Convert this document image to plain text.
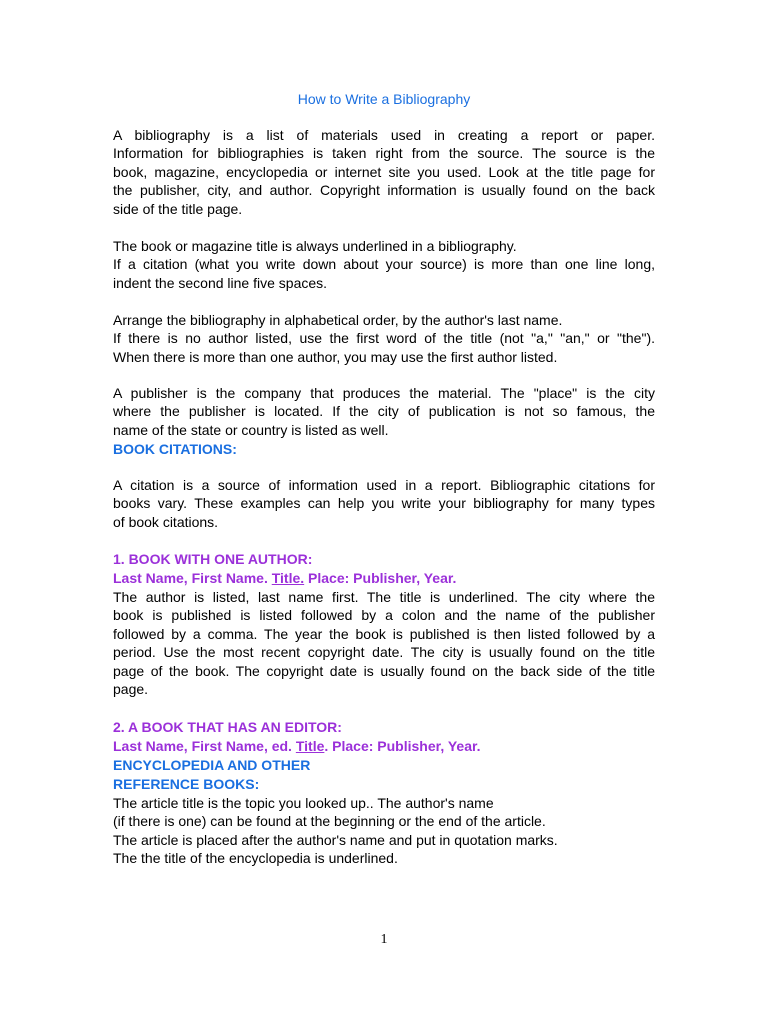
How to Write a Bibliography
A bibliography is a list of materials used in creating a report or paper.
Information for bibliographies is taken right from the source. The source is the
book, magazine, encyclopedia or internet site you used. Look at the title page for
the publisher, city, and author. Copyright information is usually found on the back
side of the title page.
The book or magazine title is always underlined in a bibliography.
If a citation (what you write down about your source) is more than one line long,
indent the second line five spaces.
Arrange the bibliography in alphabetical order, by the author's last name.
If there is no author listed, use the first word of the title (not "a," "an," or "the").
When there is more than one author, you may use the first author listed.
A publisher is the company that produces the material. The "place" is the city
where the publisher is located. If the city of publication is not so famous, the
name of the state or country is listed as well.
BOOK CITATIONS:
A citation is a source of information used in a report. Bibliographic citations for
books vary. These examples can help you write your bibliography for many types
of book citations.
1. BOOK WITH ONE AUTHOR:
Last Name, First Name. Title. Place: Publisher, Year.
The author is listed, last name first. The title is underlined. The city where the
book is published is listed followed by a colon and the name of the publisher
followed by a comma. The year the book is published is then listed followed by a
period. Use the most recent copyright date. The city is usually found on the title
page of the book. The copyright date is usually found on the back side of the title
page.
2. A BOOK THAT HAS AN EDITOR:
Last Name, First Name, ed. Title. Place: Publisher, Year.
ENCYCLOPEDIA AND OTHER
REFERENCE BOOKS:
The article title is the topic you looked up.. The author's name
(if there is one) can be found at the beginning or the end of the article.
The article is placed after the author's name and put in quotation marks.
The the title of the encyclopedia is underlined.
1
